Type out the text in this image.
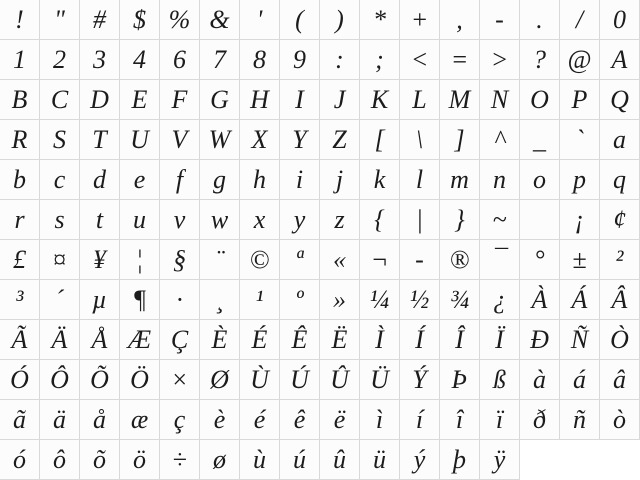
! " # $ % & ' ( ) * + , - . / 0
1 2 3 4 6 7 8 9 : ; < = > ? @ A
B C D E F G H I J K L M N O P Q
R S T U V W X Y Z [ \ ] ^ _ ` a
b c d e f g h i j k l m n o p q
r s t u v w x y z { | } ~	¡ ¢
£ ¤ ¥ ¦ § ¨ © ª « ¬ - ® ¯ ° ± ²
³ ´ µ ¶ · ¸ ¹ º » ¼ ½ ¾ ¿ À Á Â
Ã Ä Å Æ Ç È É Ê Ë Ì Í Î Ï Ð Ñ Ò
Ó Ô Õ Ö × Ø Ù Ú Û Ü Ý Þ ß à á â
ã ä å æ ç è é ê ë ì í î ï ð ñ ò
ó ô õ ö ÷ ø ù ú û ü ý þ ÿ
